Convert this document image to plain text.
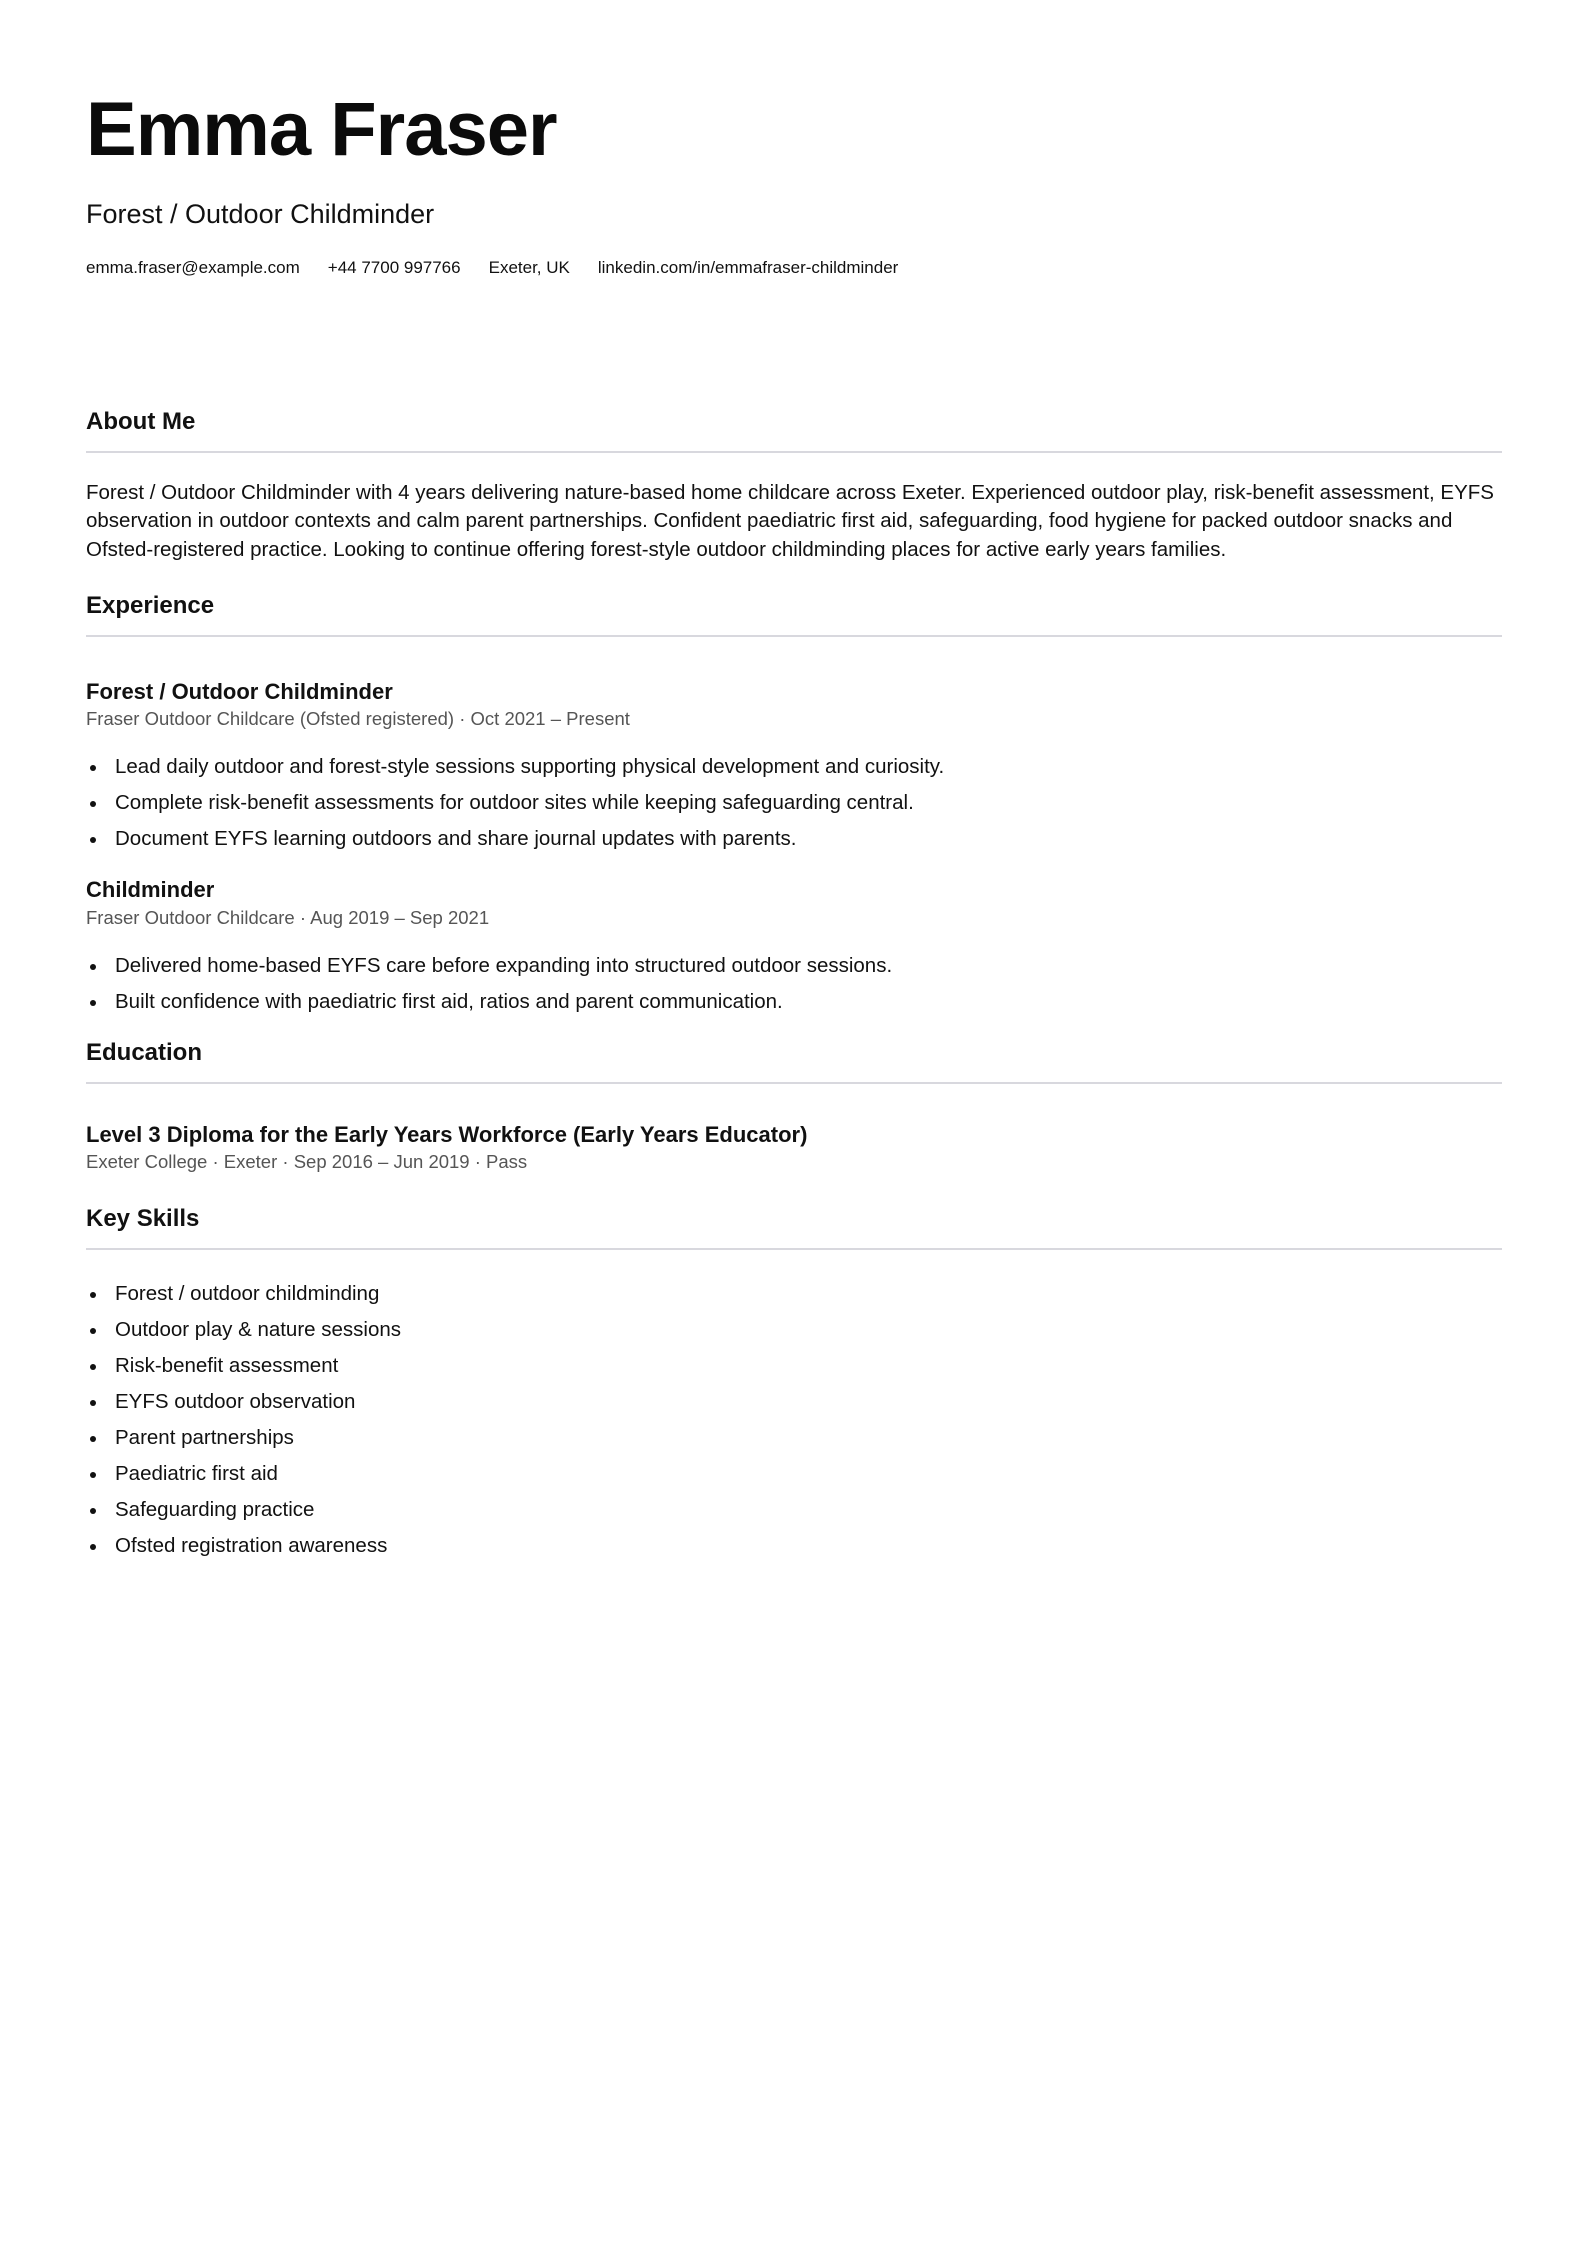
Emma Fraser
Forest / Outdoor Childminder
emma.fraser@example.com +44 7700 997766 Exeter, UK linkedin.com/in/emmafraser-childminder
About Me

Forest / Outdoor Childminder with 4 years delivering nature-based home childcare across Exeter. Experienced outdoor play, risk-benefit assessment, EYFS observation in outdoor contexts and calm parent partnerships. Confident paediatric first aid, safeguarding, food hygiene for packed outdoor snacks and Ofsted-registered practice. Looking to continue offering forest-style outdoor childminding places for active early years families.

Experience
Forest / Outdoor Childminder
Fraser Outdoor Childcare (Ofsted registered) · Oct 2021 – Present
Lead daily outdoor and forest-style sessions supporting physical development and curiosity.
Complete risk-benefit assessments for outdoor sites while keeping safeguarding central.
Document EYFS learning outdoors and share journal updates with parents.
Childminder
Fraser Outdoor Childcare · Aug 2019 – Sep 2021
Delivered home-based EYFS care before expanding into structured outdoor sessions.
Built confidence with paediatric first aid, ratios and parent communication.
Education
Level 3 Diploma for the Early Years Workforce (Early Years Educator)
Exeter College · Exeter · Sep 2016 – Jun 2019 · Pass
Key Skills
Forest / outdoor childminding
Outdoor play & nature sessions
Risk-benefit assessment
EYFS outdoor observation
Parent partnerships
Paediatric first aid
Safeguarding practice
Ofsted registration awareness
